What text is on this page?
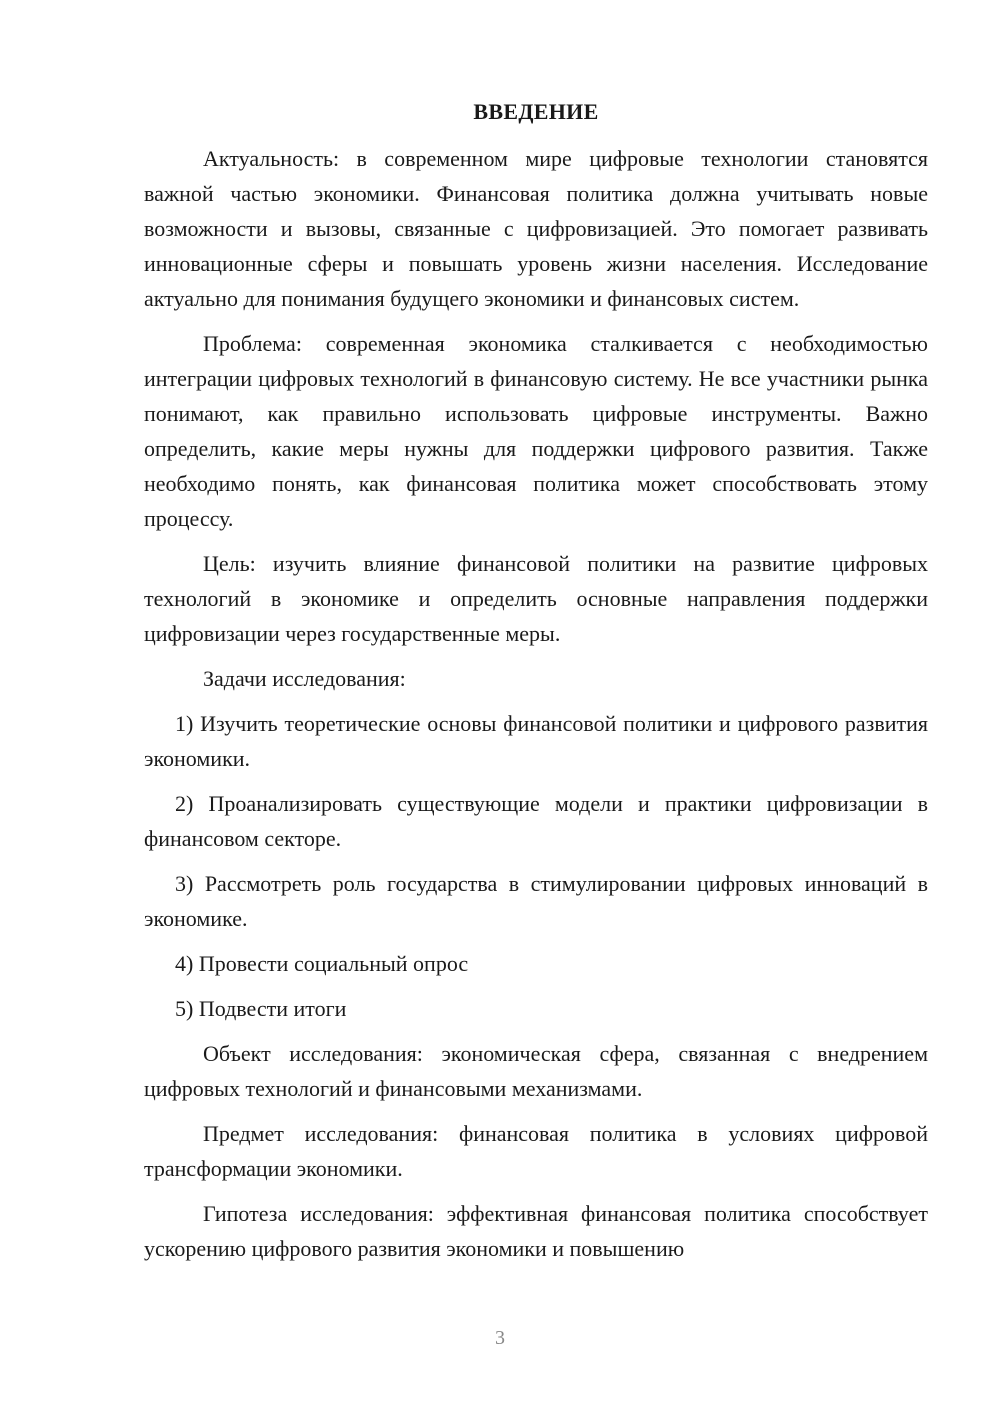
ВВЕДЕНИЕ

Актуальность: в современном мире цифровые технологии становятся важной частью экономики. Финансовая политика должна учитывать новые возможности и вызовы, связанные с цифровизацией. Это помогает развивать инновационные сферы и повышать уровень жизни населения. Исследование актуально для понимания будущего экономики и финансовых систем.

Проблема: современная экономика сталкивается с необходимостью интеграции цифровых технологий в финансовую систему. Не все участники рынка понимают, как правильно использовать цифровые инструменты. Важно определить, какие меры нужны для поддержки цифрового развития. Также необходимо понять, как финансовая политика может способствовать этому процессу.

Цель: изучить влияние финансовой политики на развитие цифровых технологий в экономике и определить основные направления поддержки цифровизации через государственные меры.

Задачи исследования:

1) Изучить теоретические основы финансовой политики и цифрового развития экономики.

2) Проанализировать существующие модели и практики цифровизации в финансовом секторе.

3) Рассмотреть роль государства в стимулировании цифровых инноваций в экономике.

4) Провести социальный опрос

5) Подвести итоги

Объект исследования: экономическая сфера, связанная с внедрением цифровых технологий и финансовыми механизмами.

Предмет исследования: финансовая политика в условиях цифровой трансформации экономики.

Гипотеза исследования: эффективная финансовая политика способствует ускорению цифрового развития экономики и повышению

3
